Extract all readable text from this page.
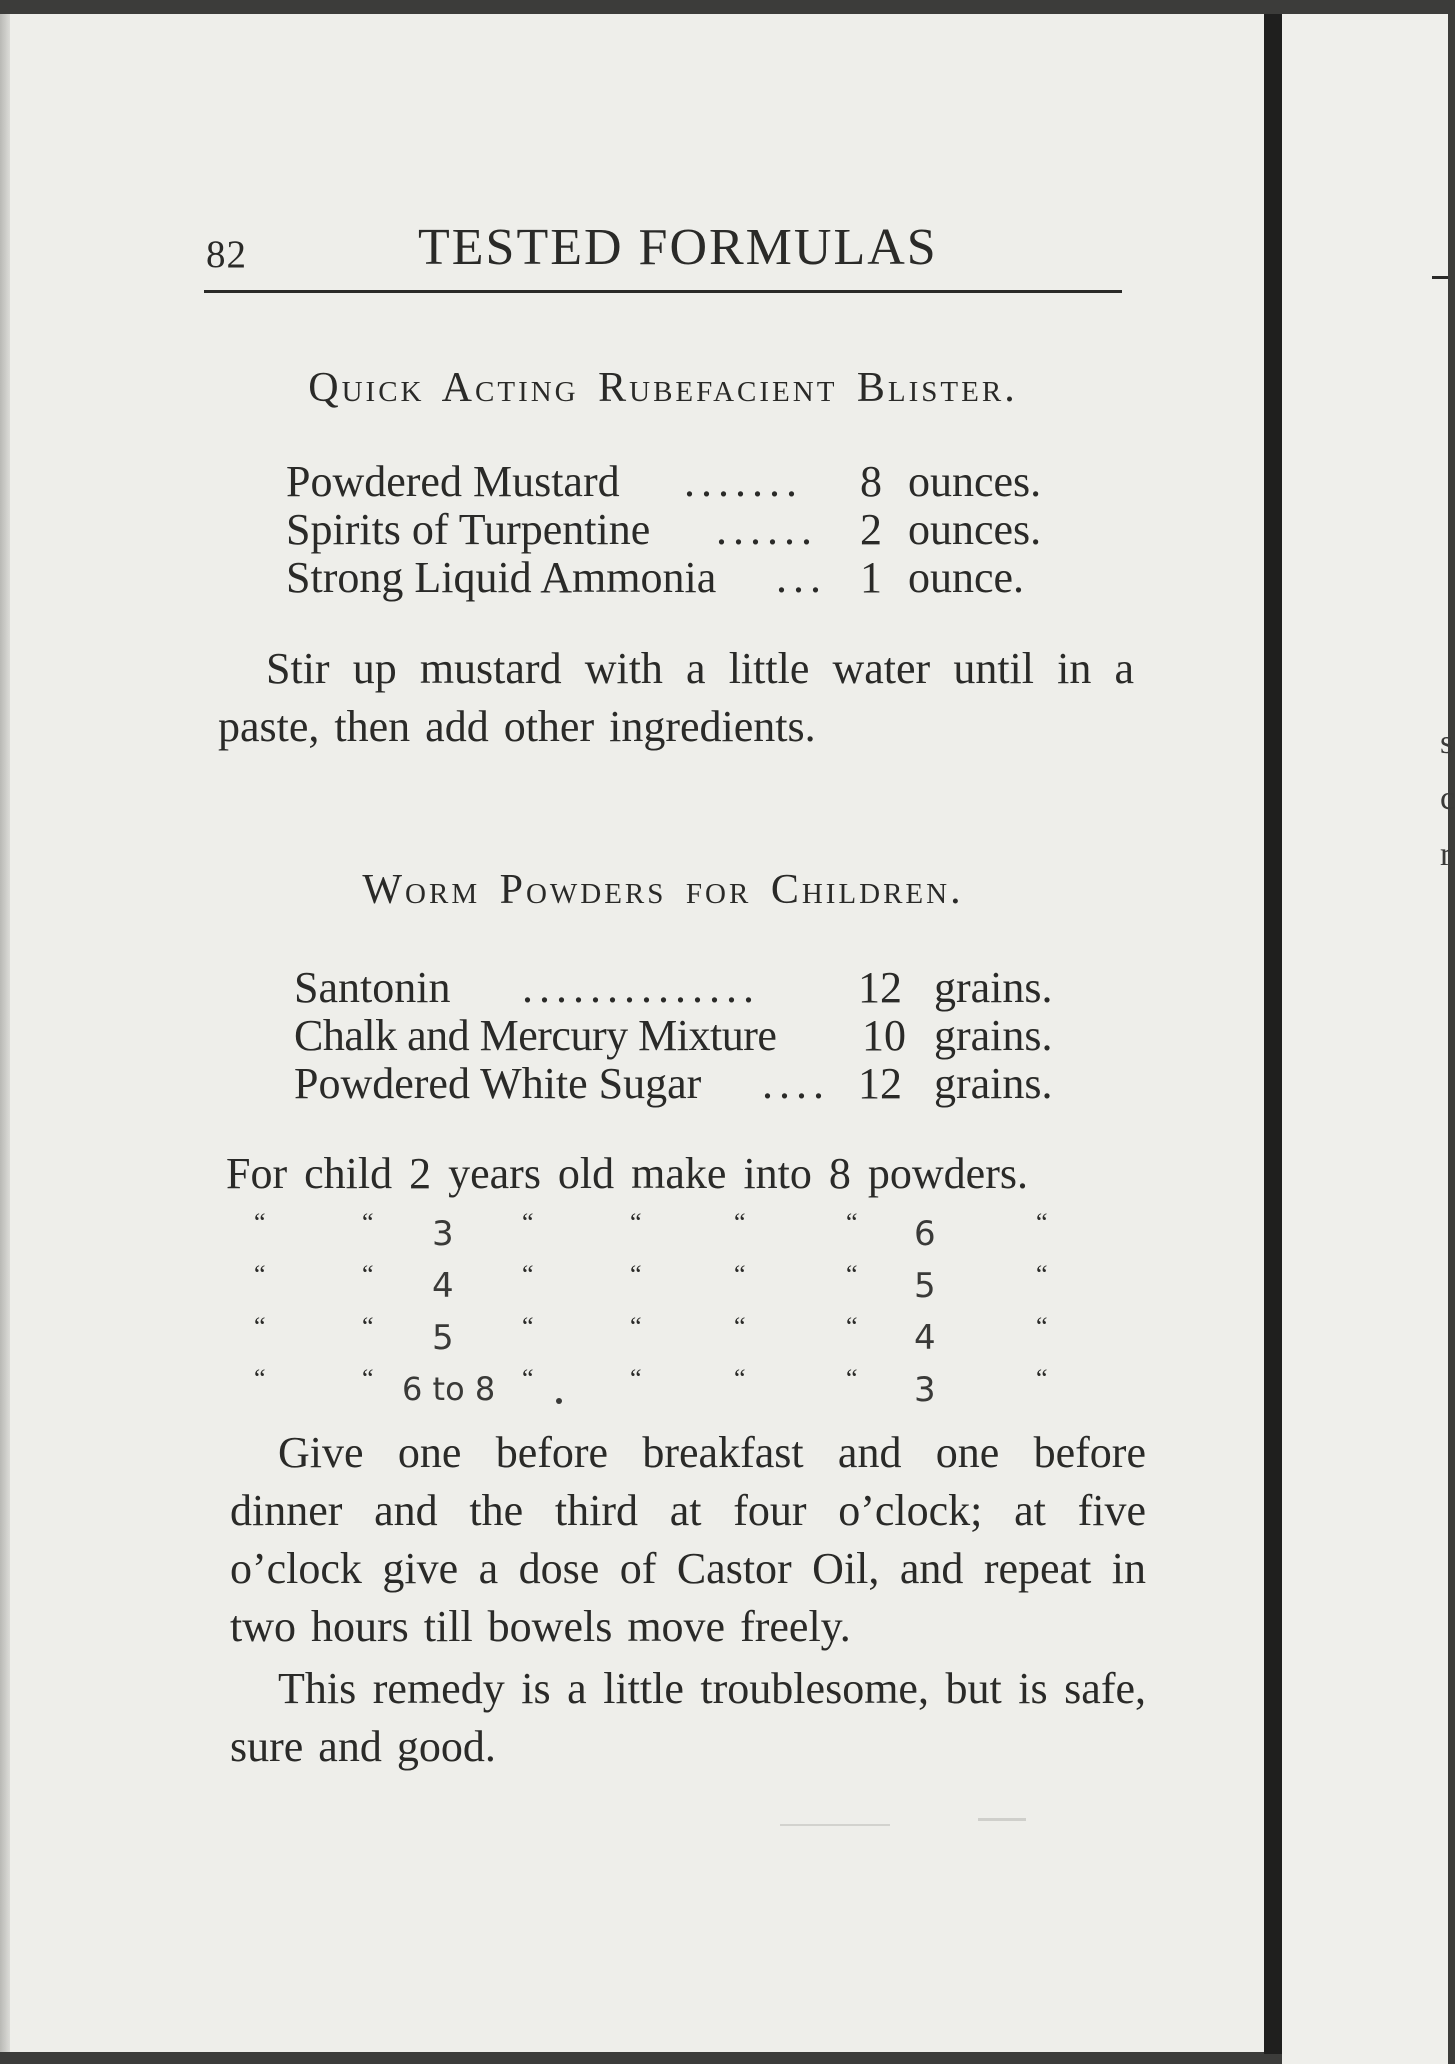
82	TESTED FORMULAS
Quick Acting Rubefacient Blister.
Powdered Mustard ....... 8 ounces.
Spirits of Turpentine ...... 2 ounces.
Strong Liquid Ammonia ... 1 ounce.
Stir up mustard with a little water until in a paste, then add other ingredients.
Worm Powders for Children.
Santonin .............. 12 grains.
Chalk and Mercury Mixture 10 grains.
Powdered White Sugar .... 12 grains.
For child 2 years old make into 8 powders.
“	“ 3	“	“	“	“ 6	“
“	“ 4	“	“	“	“ 5	“
“	“ 5	“	“	“	“ 4	“
“	“ 6 to 8 “	“	“	“ 3	“
Give one before breakfast and one before dinner and the third at four o’clock; at five o’clock give a dose of Castor Oil, and repeat in two hours till bowels move freely.
This remedy is a little troublesome, but is safe, sure and good.
s
c
r
